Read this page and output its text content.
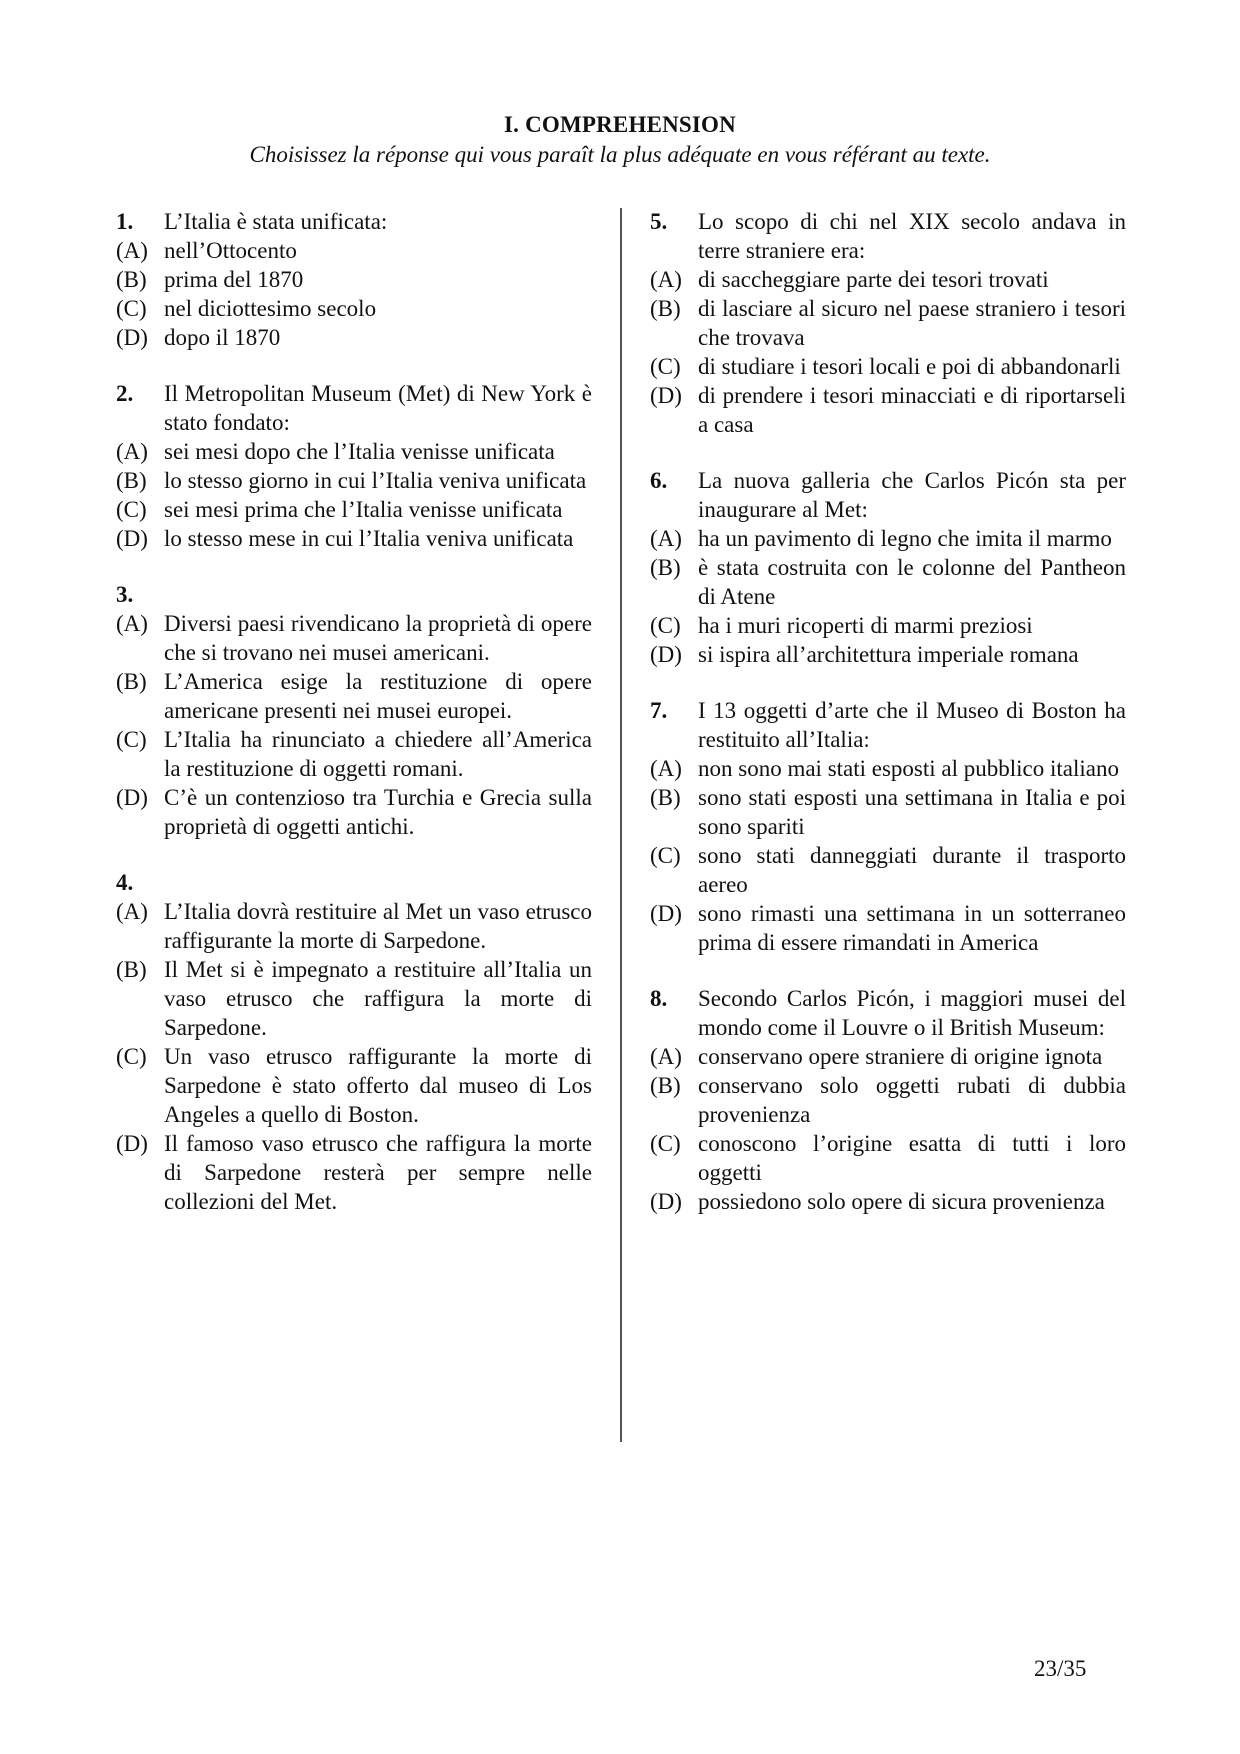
I. COMPREHENSION
Choisissez la réponse qui vous paraît la plus adéquate en vous référant au texte.
1.	L’Italia è stata unificata:
(A) nell’Ottocento
(B) prima del 1870
(C) nel diciottesimo secolo
(D) dopo il 1870
2.	Il Metropolitan Museum (Met) di New York è stato fondato:
(A) sei mesi dopo che l’Italia venisse unificata
(B) lo stesso giorno in cui l’Italia veniva unificata
(C) sei mesi prima che l’Italia venisse unificata
(D) lo stesso mese in cui l’Italia veniva unificata
3.
(A) Diversi paesi rivendicano la proprietà di opere che si trovano nei musei americani.
(B) L’America esige la restituzione di opere americane presenti nei musei europei.
(C) L’Italia ha rinunciato a chiedere all’America la restituzione di oggetti romani.
(D) C’è un contenzioso tra Turchia e Grecia sulla proprietà di oggetti antichi.
4.
(A) L’Italia dovrà restituire al Met un vaso etrusco raffigurante la morte di Sarpedone.
(B) Il Met si è impegnato a restituire all’Italia un vaso etrusco che raffigura la morte di Sarpedone.
(C) Un vaso etrusco raffigurante la morte di Sarpedone è stato offerto dal museo di Los Angeles a quello di Boston.
(D) Il famoso vaso etrusco che raffigura la morte di Sarpedone resterà per sempre nelle collezioni del Met.
5.	Lo scopo di chi nel XIX secolo andava in terre straniere era:
(A) di saccheggiare parte dei tesori trovati
(B) di lasciare al sicuro nel paese straniero i tesori che trovava
(C) di studiare i tesori locali e poi di abbandonarli
(D) di prendere i tesori minacciati e di riportarseli a casa
6.	La nuova galleria che Carlos Picón sta per inaugurare al Met:
(A) ha un pavimento di legno che imita il marmo
(B) è stata costruita con le colonne del Pantheon di Atene
(C) ha i muri ricoperti di marmi preziosi
(D) si ispira all’architettura imperiale romana
7.	I 13 oggetti d’arte che il Museo di Boston ha restituito all’Italia:
(A) non sono mai stati esposti al pubblico italiano
(B) sono stati esposti una settimana in Italia e poi sono spariti
(C) sono stati danneggiati durante il trasporto aereo
(D) sono rimasti una settimana in un sotterraneo prima di essere rimandati in America
8.	Secondo Carlos Picón, i maggiori musei del mondo come il Louvre o il British Museum:
(A) conservano opere straniere di origine ignota
(B) conservano solo oggetti rubati di dubbia provenienza
(C) conoscono l’origine esatta di tutti i loro oggetti
(D) possiedono solo opere di sicura provenienza
23/35
